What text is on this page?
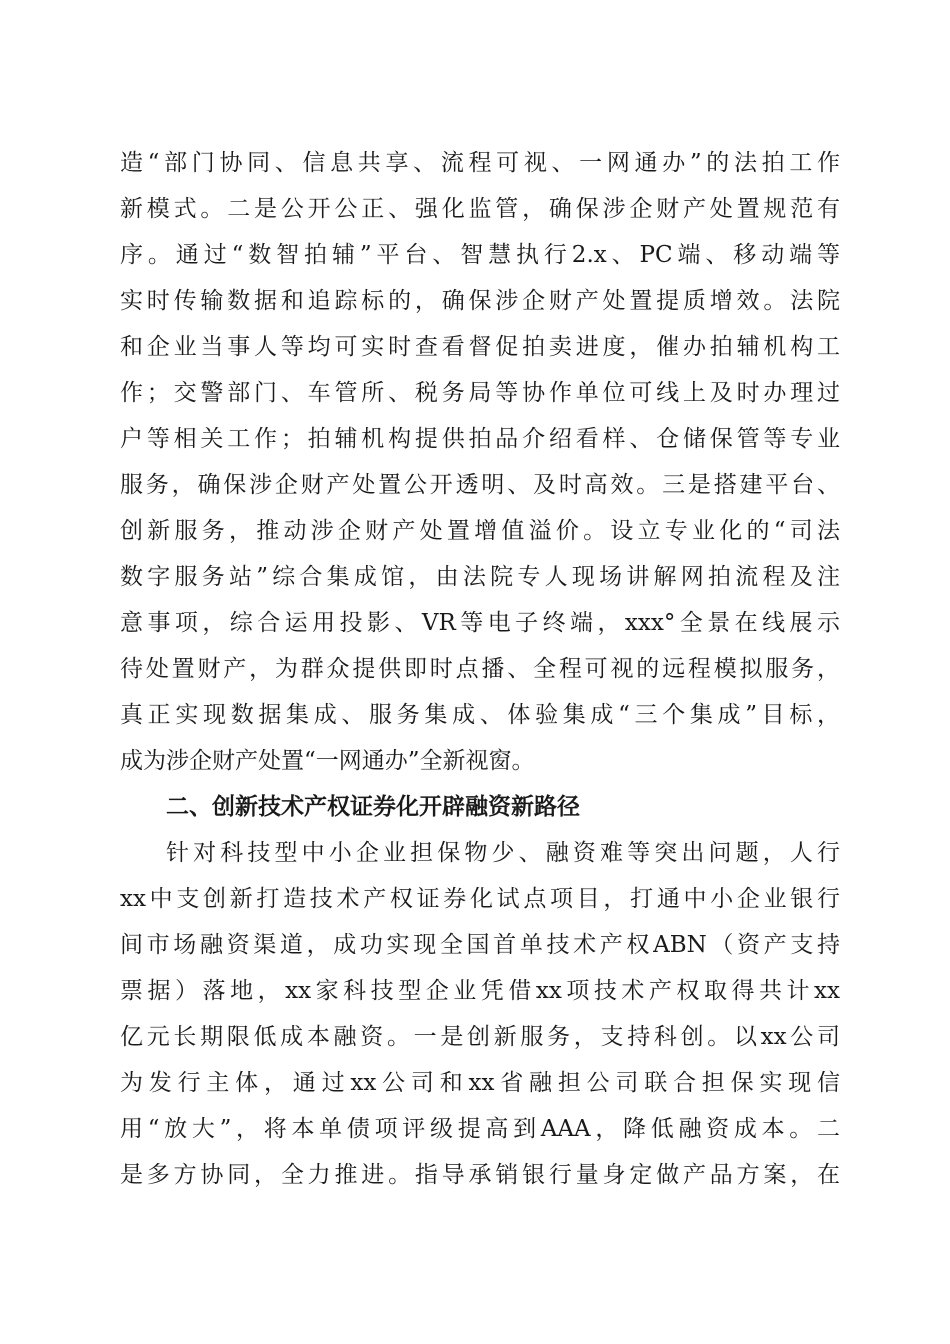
造“部门协同、信息共享、流程可视、一网通办”的法拍工作
新模式。二是公开公正、强化监管，确保涉企财产处置规范有
序。通过“数智拍辅”平台、智慧执行2.x、PC端、移动端等
实时传输数据和追踪标的，确保涉企财产处置提质增效。法院
和企业当事人等均可实时查看督促拍卖进度，催办拍辅机构工
作；交警部门、车管所、税务局等协作单位可线上及时办理过
户等相关工作；拍辅机构提供拍品介绍看样、仓储保管等专业
服务，确保涉企财产处置公开透明、及时高效。三是搭建平台、
创新服务，推动涉企财产处置增值溢价。设立专业化的“司法
数字服务站”综合集成馆，由法院专人现场讲解网拍流程及注
意事项，综合运用投影、VR等电子终端，xxx°全景在线展示
待处置财产，为群众提供即时点播、全程可视的远程模拟服务，
真正实现数据集成、服务集成、体验集成“三个集成”目标，
成为涉企财产处置“一网通办”全新视窗。
二、创新技术产权证券化开辟融资新路径
针对科技型中小企业担保物少、融资难等突出问题，人行
xx中支创新打造技术产权证券化试点项目，打通中小企业银行
间市场融资渠道，成功实现全国首单技术产权ABN（资产支持
票据）落地，xx家科技型企业凭借xx项技术产权取得共计xx
亿元长期限低成本融资。一是创新服务，支持科创。以xx公司
为发行主体，通过xx公司和xx省融担公司联合担保实现信
用“放大”，将本单债项评级提高到AAA，降低融资成本。二
是多方协同，全力推进。指导承销银行量身定做产品方案，在
